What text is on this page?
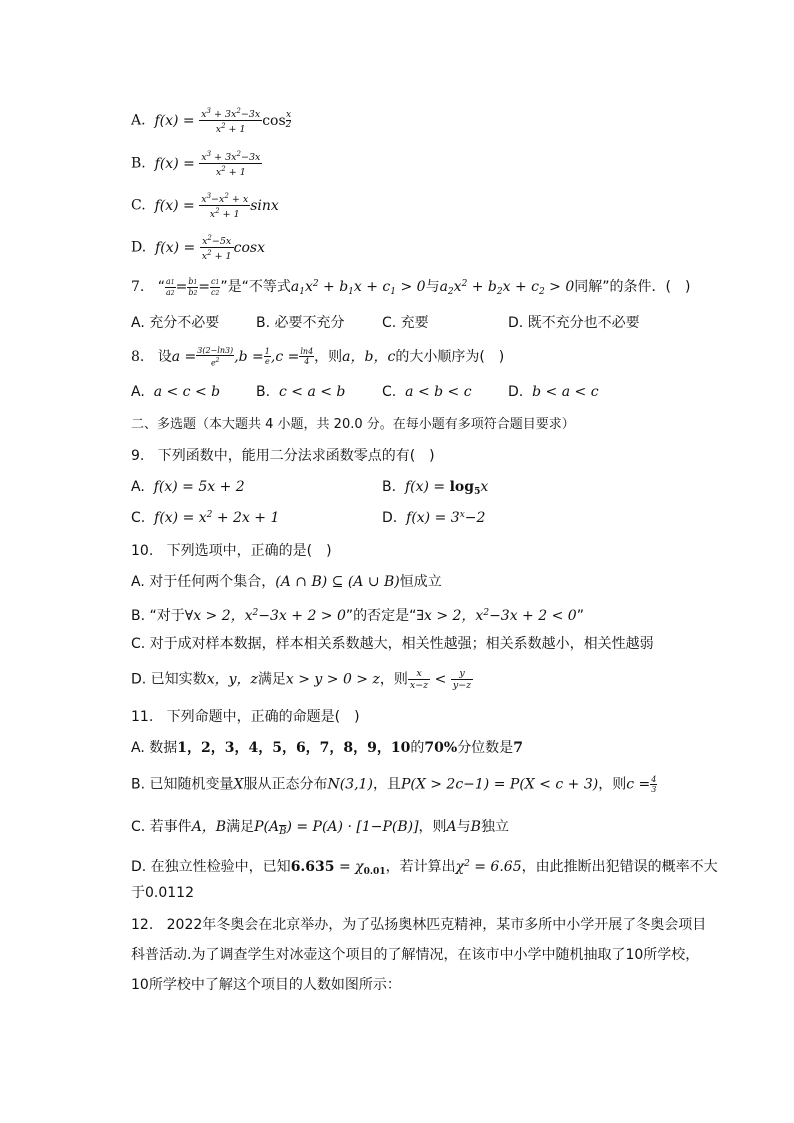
A.  $f(x) = \frac{x^3 + 3x^2-3x}{x^2 + 1}$ $\cos \frac{x}{2}$
B.  $f(x) = \frac{x^3 + 3x^2-3x}{x^2 + 1}$
C.  $f(x) = \frac{x^3-x^2 + x}{x^2 + 1}$ sinx
D.  $f(x) = \frac{x^2-5x}{x^2 + 1}$ cosx
7. “ $\frac{a1}{a2} = \frac{b1}{b2} = \frac{c1}{c2}$ ”是“不等式$a_1x^2 + b_1x + c_1 > 0$与$a_2x^2 + b_2x + c_2 > 0$同解”的条件．(　)
A. 充分不必要	B. 必要不充分	C. 充要	D. 既不充分也不必要
8. 设$a = \frac{3(2-\ln 3)}{e^2} ,b = \frac{1}{e} ,c = \frac{\ln 4}{4}$ ，则a，b，c的大小顺序为(　)
A. a < c < b	B. c < a < b	C. a < b < c	D. b < a < c
二、多选题（本大题共 4 小题，共 20.0 分。在每小题有多项符合题目要求）
9. 下列函数中，能用二分法求函数零点的有(　)
A. f(x) = 5x + 2	B. $f(x) = \log_5x$
C. $f(x) = x^2 + 2x + 1$	D. $f(x) = 3^x-2$
10. 下列选项中，正确的是(　)
A. 对于任何两个集合，(A ∩ B) ⊆ (A ∪ B)恒成立
B. “对于∀x > 2，$x^2-3x + 2 > 0$”的否定是“∃x > 2，$x^2-3x + 2 < 0$”
C. 对于成对样本数据，样本相关系数越大，相关性越强；相关系数越小，相关性越弱
D. 已知实数x，y，z满足x > y > 0 > z，则 $\frac{x}{x-z} < \frac{y}{y-z}$
11. 下列命题中，正确的命题是(　)
A. 数据1，2，3，4，5，6，7，8，9，10的70%分位数是7
B. 已知随机变量X服从正态分布N(3,1)，且P(X > 2c−1) = P(X < c + 3)，则$c = \frac{4}{3}$
C. 若事件A，B满足$P(A_{\overline{B}}) = P(A) \cdot [1-P(B)]$，则A与B独立
D. 在独立性检验中，已知$6.635 = \chi_{0.01}$，若计算出$\chi^2 = 6.65$，由此推断出犯错误的概率不大
于0.0112
12. 2022年冬奥会在北京举办，为了弘扬奥林匹克精神，某市多所中小学开展了冬奥会项目
科普活动.为了调查学生对冰壶这个项目的了解情况，在该市中小学中随机抽取了10所学校，
10所学校中了解这个项目的人数如图所示：
